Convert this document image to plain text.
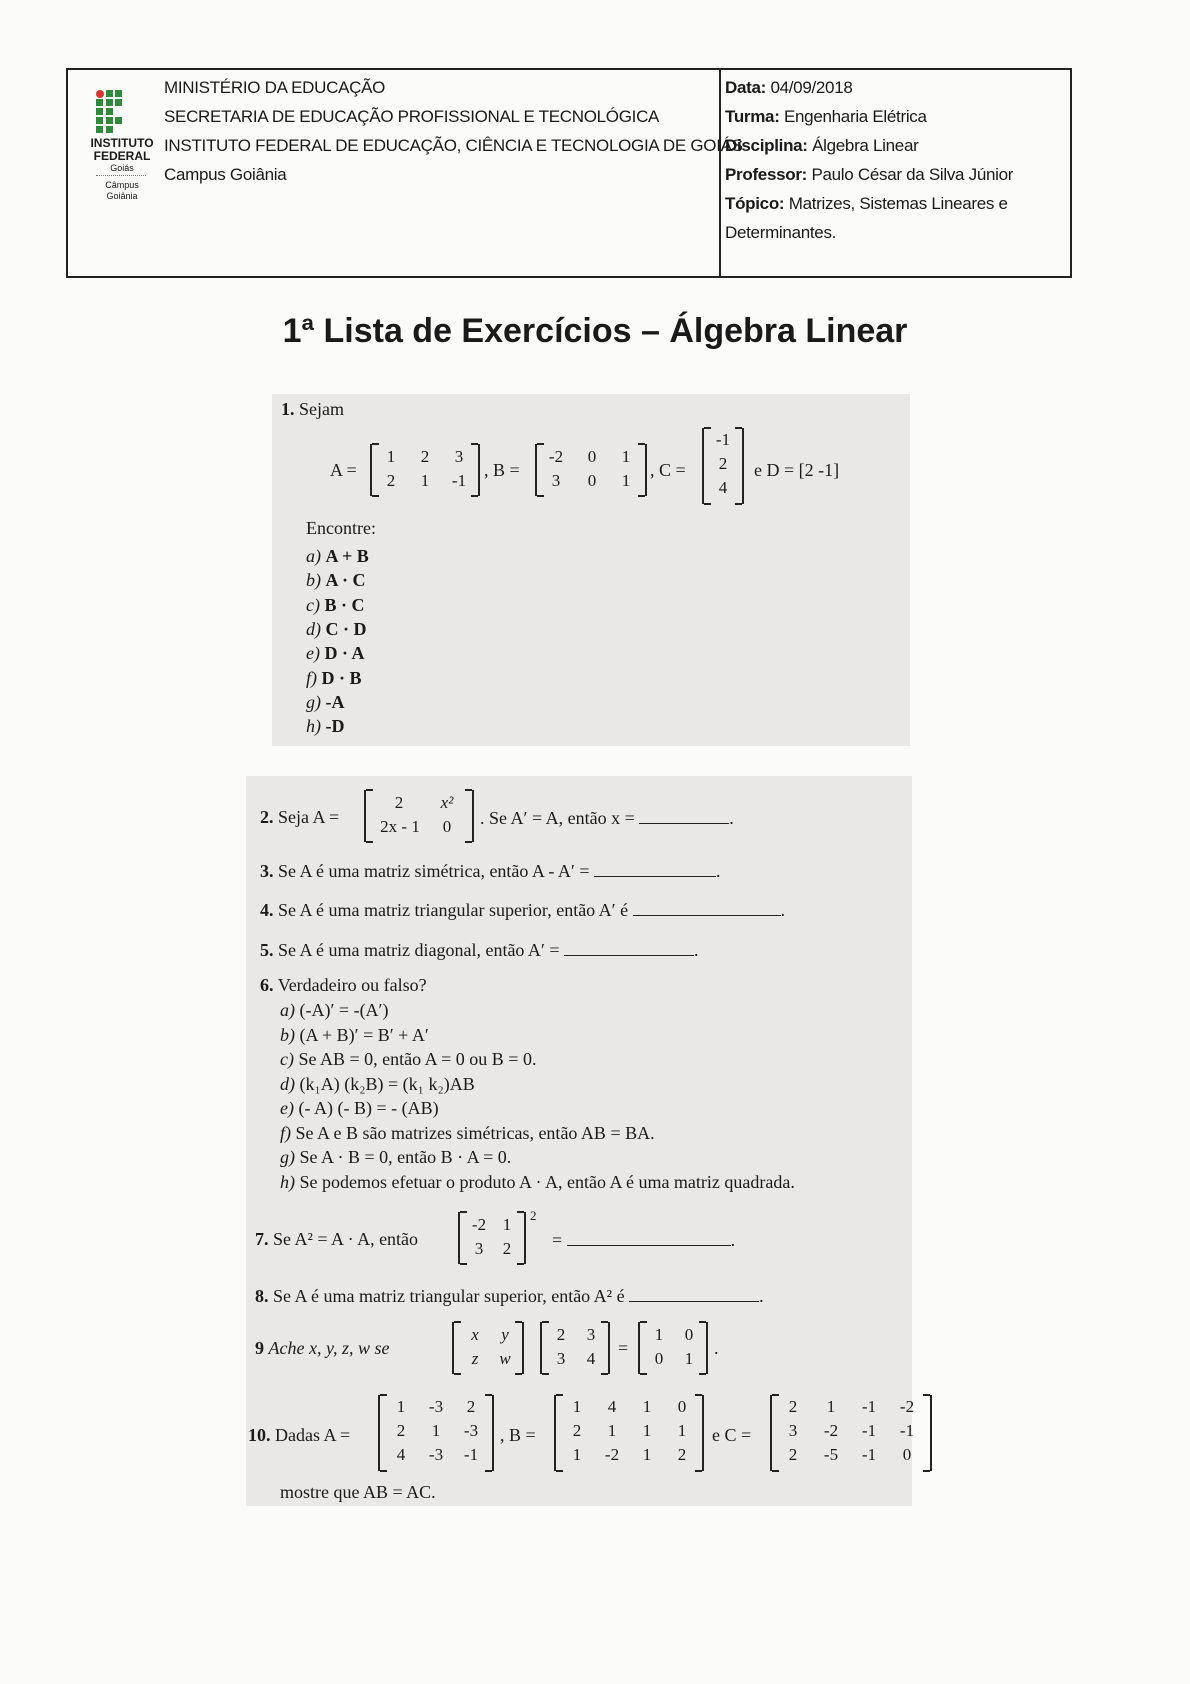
INSTITUTO
FEDERAL
Goiás
Câmpus
Goiânia
MINISTÉRIO DA EDUCAÇÃO
SECRETARIA DE EDUCAÇÃO PROFISSIONAL E TECNOLÓGICA
INSTITUTO FEDERAL DE EDUCAÇÃO, CIÊNCIA E TECNOLOGIA DE GOIÁS
Campus Goiânia
Data: 04/09/2018
Turma: Engenharia Elétrica
Disciplina: Álgebra Linear
Professor: Paulo César da Silva Júnior
Tópico: Matrizes, Sistemas Lineares e
Determinantes.
1ª Lista de Exercícios – Álgebra Linear
1. Sejam
A =
1	2	3
2	1	-1
, B =
-2	0	1
3	0	1
, C =
-1
2
4
e D = [2 -1]
Encontre:
a) A + B
b) A · C
c) B · C
d) C · D
e) D · A
f) D · B
g) -A
h) -D
2. Seja A =
2	x²
2x - 1	0	. Se A′ = A, então x =	.
3. Se A é uma matriz simétrica, então A - A′ =	.
4. Se A é uma matriz triangular superior, então A′ é	.
5. Se A é uma matriz diagonal, então A′ =	.
6. Verdadeiro ou falso?
a) (-A)′ = -(A′)
b) (A + B)′ = B′ + A′
c) Se AB = 0, então A = 0 ou B = 0.
d) (k₁A) (k₂B) = (k₁ k₂)AB
e) (- A) (- B) = - (AB)
f) Se A e B são matrizes simétricas, então AB = BA.
g) Se A · B = 0, então B · A = 0.
h) Se podemos efetuar o produto A · A, então A é uma matriz quadrada.
7. Se A² = A · A, então
-2 1
3	2
2
=	.
8. Se A é uma matriz triangular superior, então A² é	.
9 Ache x, y, z, w se
x	y
z	w
2	3
3	4
=
1	0
0	1
.
10. Dadas A =
1	-3	2
2	1	-3
4	-3	-1
, B =
1	4	1	0
2	1	1	1
1	-2	1	2
e C =
2	1	-1	-2
3	-2	-1	-1
2	-5	-1	0
mostre que AB = AC.
